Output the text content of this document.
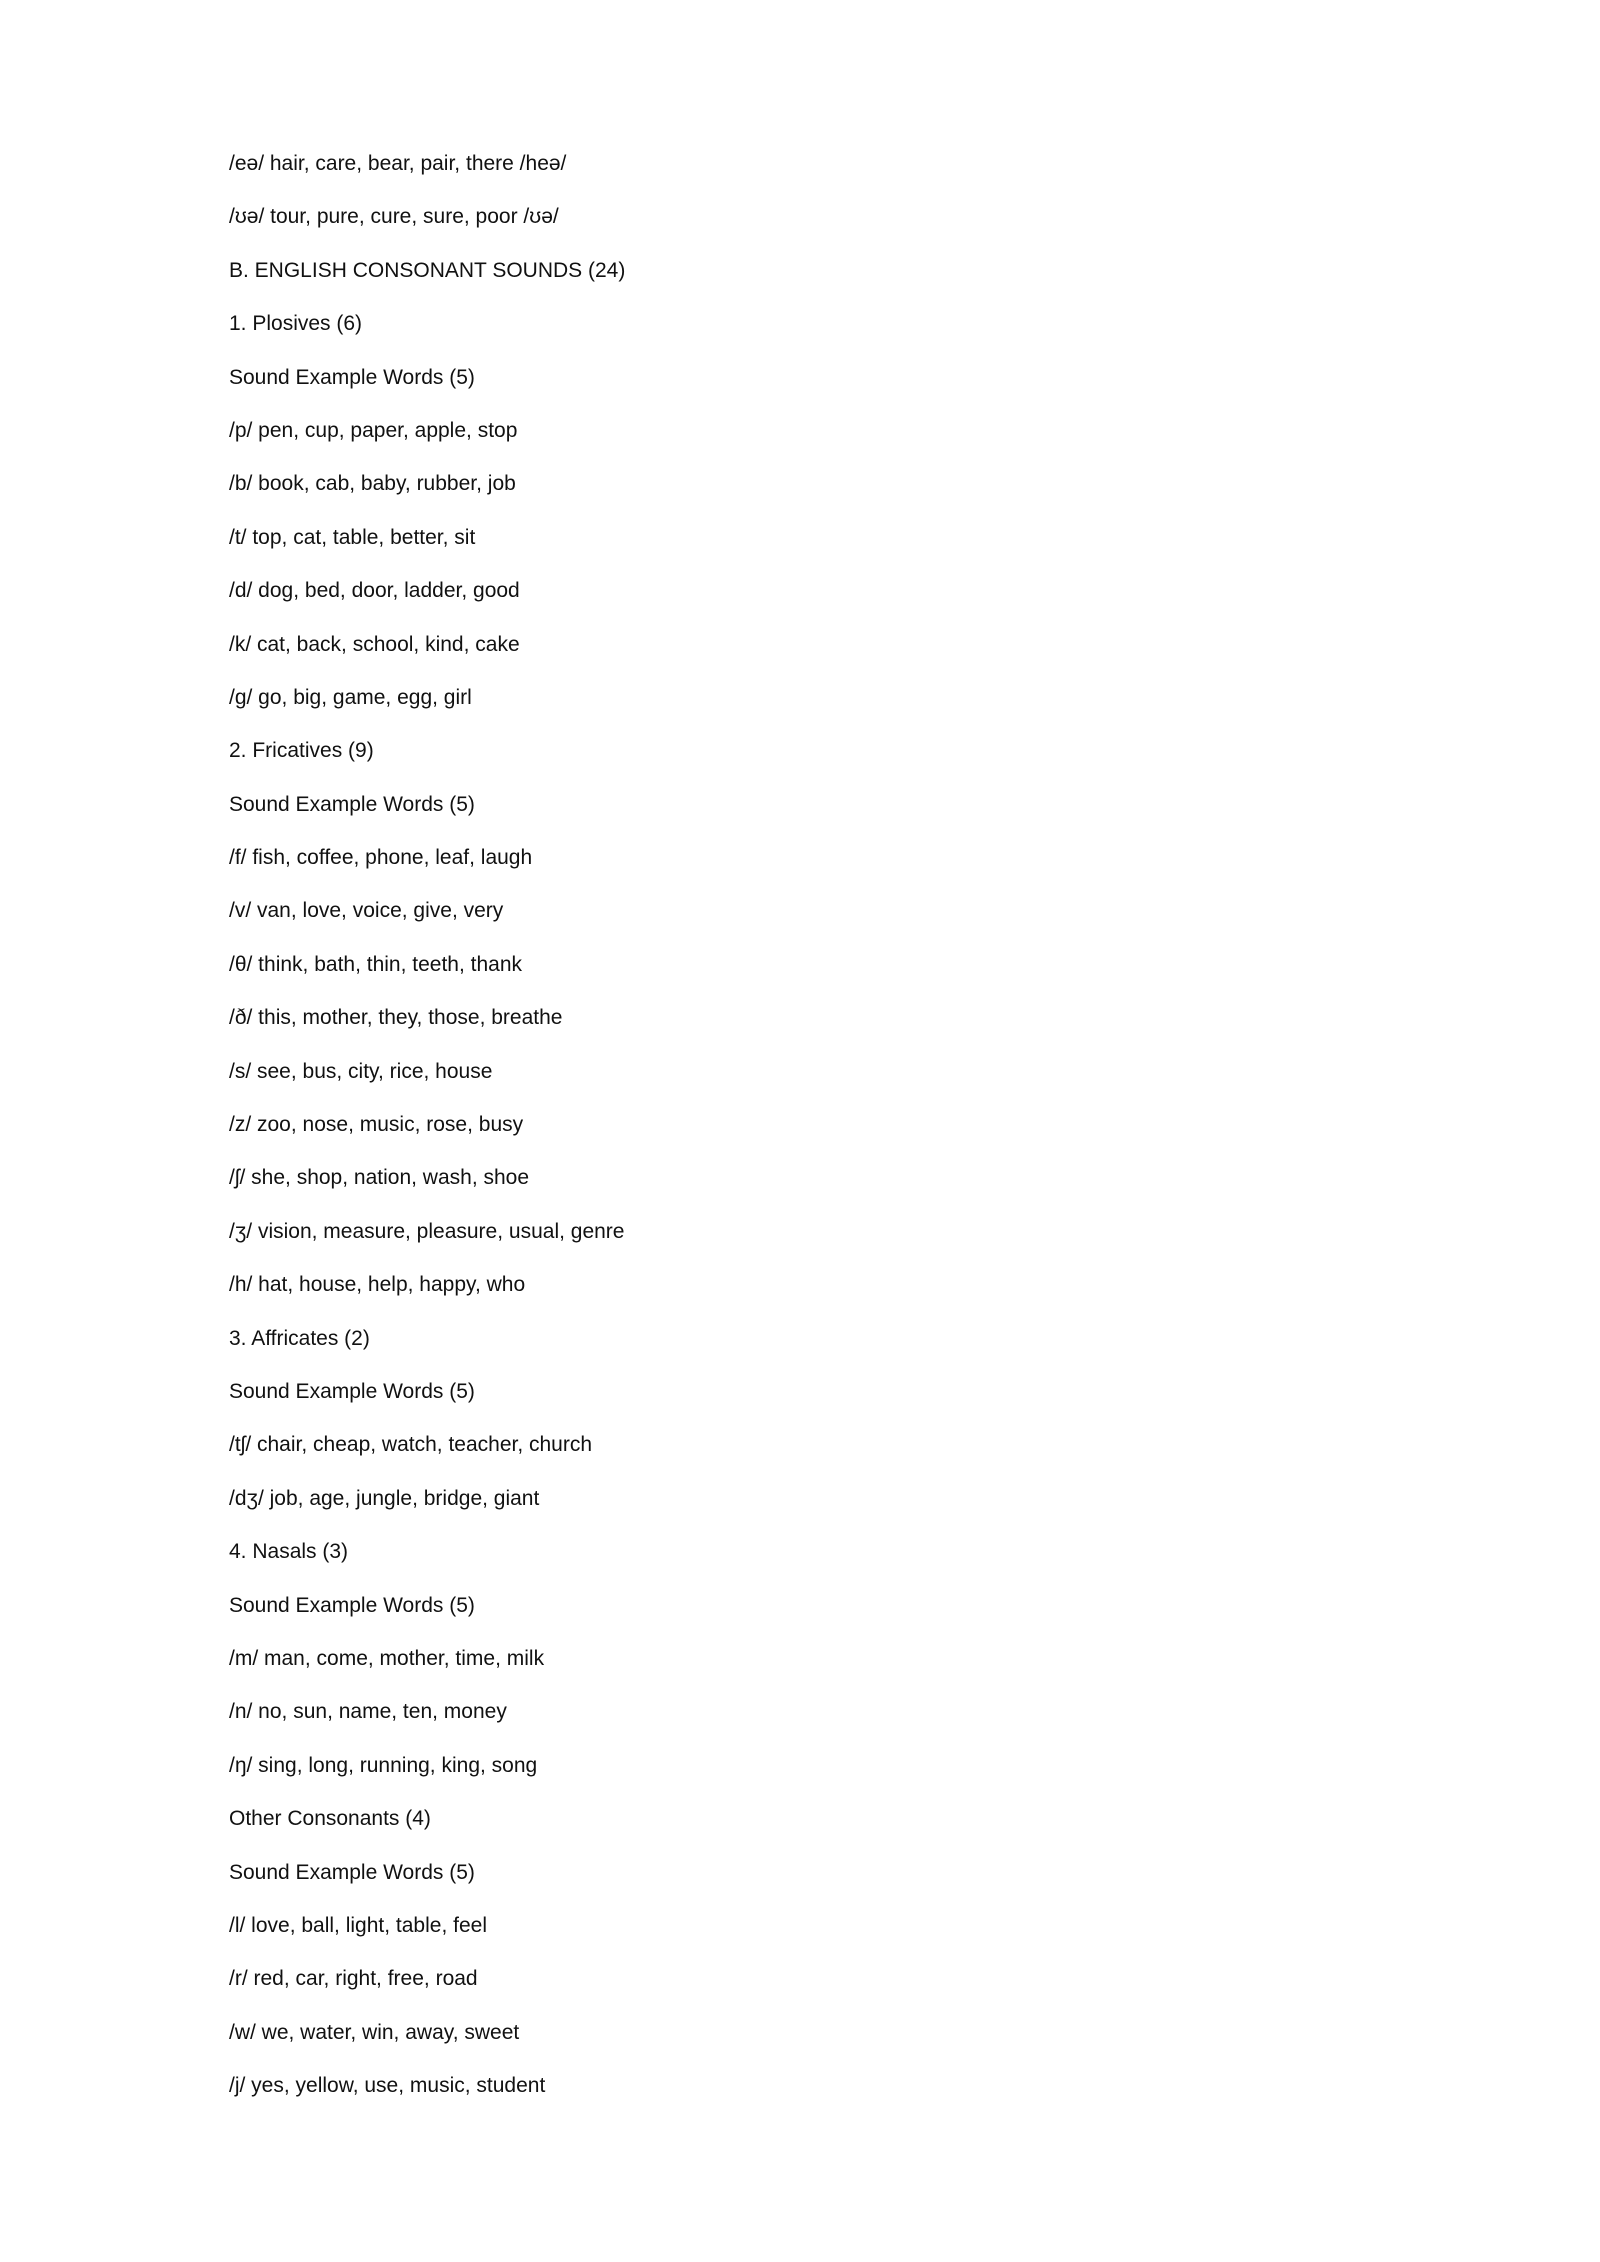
/eə/ hair, care, bear, pair, there /heə/
/ʊə/ tour, pure, cure, sure, poor /ʊə/
B. ENGLISH CONSONANT SOUNDS (24)
1. Plosives (6)
Sound Example Words (5)
/p/ pen, cup, paper, apple, stop
/b/ book, cab, baby, rubber, job
/t/ top, cat, table, better, sit
/d/ dog, bed, door, ladder, good
/k/ cat, back, school, kind, cake
/g/ go, big, game, egg, girl
2. Fricatives (9)
Sound Example Words (5)
/f/ fish, coffee, phone, leaf, laugh
/v/ van, love, voice, give, very
/θ/ think, bath, thin, teeth, thank
/ð/ this, mother, they, those, breathe
/s/ see, bus, city, rice, house
/z/ zoo, nose, music, rose, busy
/ʃ/ she, shop, nation, wash, shoe
/ʒ/ vision, measure, pleasure, usual, genre
/h/ hat, house, help, happy, who
3. Affricates (2)
Sound Example Words (5)
/tʃ/ chair, cheap, watch, teacher, church
/dʒ/ job, age, jungle, bridge, giant
4. Nasals (3)
Sound Example Words (5)
/m/ man, come, mother, time, milk
/n/ no, sun, name, ten, money
/ŋ/ sing, long, running, king, song
Other Consonants (4)
Sound Example Words (5)
/l/ love, ball, light, table, feel
/r/ red, car, right, free, road
/w/ we, water, win, away, sweet
/j/ yes, yellow, use, music, student
